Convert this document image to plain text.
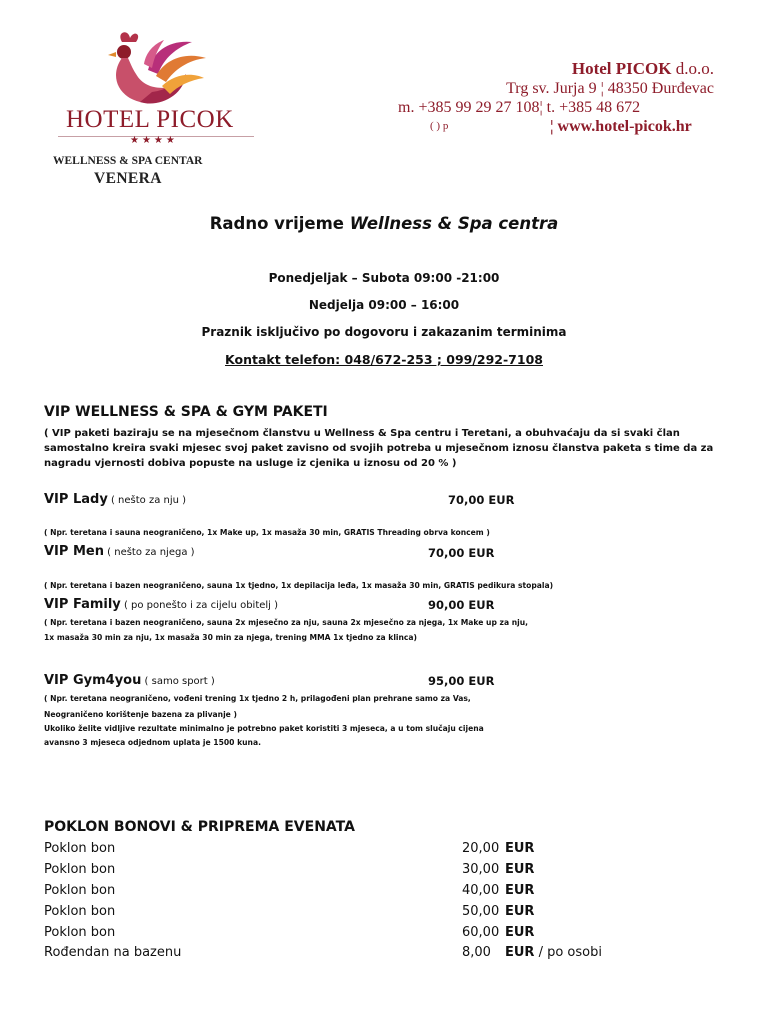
HOTEL PICOK
★★★★
WELLNESS & SPA CENTAR
VENERA
Hotel PICOK d.o.o.
Trg sv. Jurja 9 ¦ 48350 Đurđevac
m. +385 99 29 27 108¦ t. +385 48 672
( ) p	¦ www.hotel-picok.hr
Radno vrijeme Wellness & Spa centra
Ponedjeljak – Subota 09:00 -21:00
Nedjelja 09:00 – 16:00
Praznik isključivo po dogovoru i zakazanim terminima
Kontakt telefon: 048/672-253 ; 099/292-7108
VIP WELLNESS & SPA & GYM PAKETI
( VIP paketi baziraju se na mjesečnom članstvu u Wellness & Spa centru i Teretani, a obuhvaćaju da si svaki član samostalno kreira svaki mjesec svoj paket zavisno od svojih potreba u mjesečnom iznosu članstva paketa s time da za nagradu vjernosti dobiva popuste na usluge iz cjenika u iznosu od 20 % )
VIP Lady ( nešto za nju )	70,00 EUR
( Npr. teretana i sauna neograničeno, 1x Make up, 1x masaža 30 min, GRATIS Threading obrva koncem )
VIP Men ( nešto za njega )	70,00 EUR
( Npr. teretana i bazen neograničeno, sauna 1x tjedno, 1x depilacija leđa, 1x masaža 30 min, GRATIS pedikura stopala)
VIP Family ( po ponešto i za cijelu obitelj )	90,00 EUR
( Npr. teretana i bazen neograničeno, sauna 2x mjesečno za nju, sauna 2x mjesečno za njega, 1x Make up za nju,
1x masaža 30 min za nju, 1x masaža 30 min za njega, trening MMA 1x tjedno za klinca)
VIP Gym4you ( samo sport )	95,00 EUR
( Npr. teretana neograničeno, vođeni trening 1x tjedno 2 h, prilagođeni plan prehrane samo za Vas,
Neograničeno korištenje bazena za plivanje )
Ukoliko želite vidljive rezultate minimalno je potrebno paket koristiti 3 mjeseca, a u tom slučaju cijena
avansno 3 mjeseca odjednom uplata je 1500 kuna.
POKLON BONOVI & PRIPREMA EVENATA
Poklon bon	20,00 EUR
Poklon bon	30,00 EUR
Poklon bon	40,00 EUR
Poklon bon	50,00 EUR
Poklon bon	60,00 EUR
Rođendan na bazenu	8,00 EUR / po osobi
